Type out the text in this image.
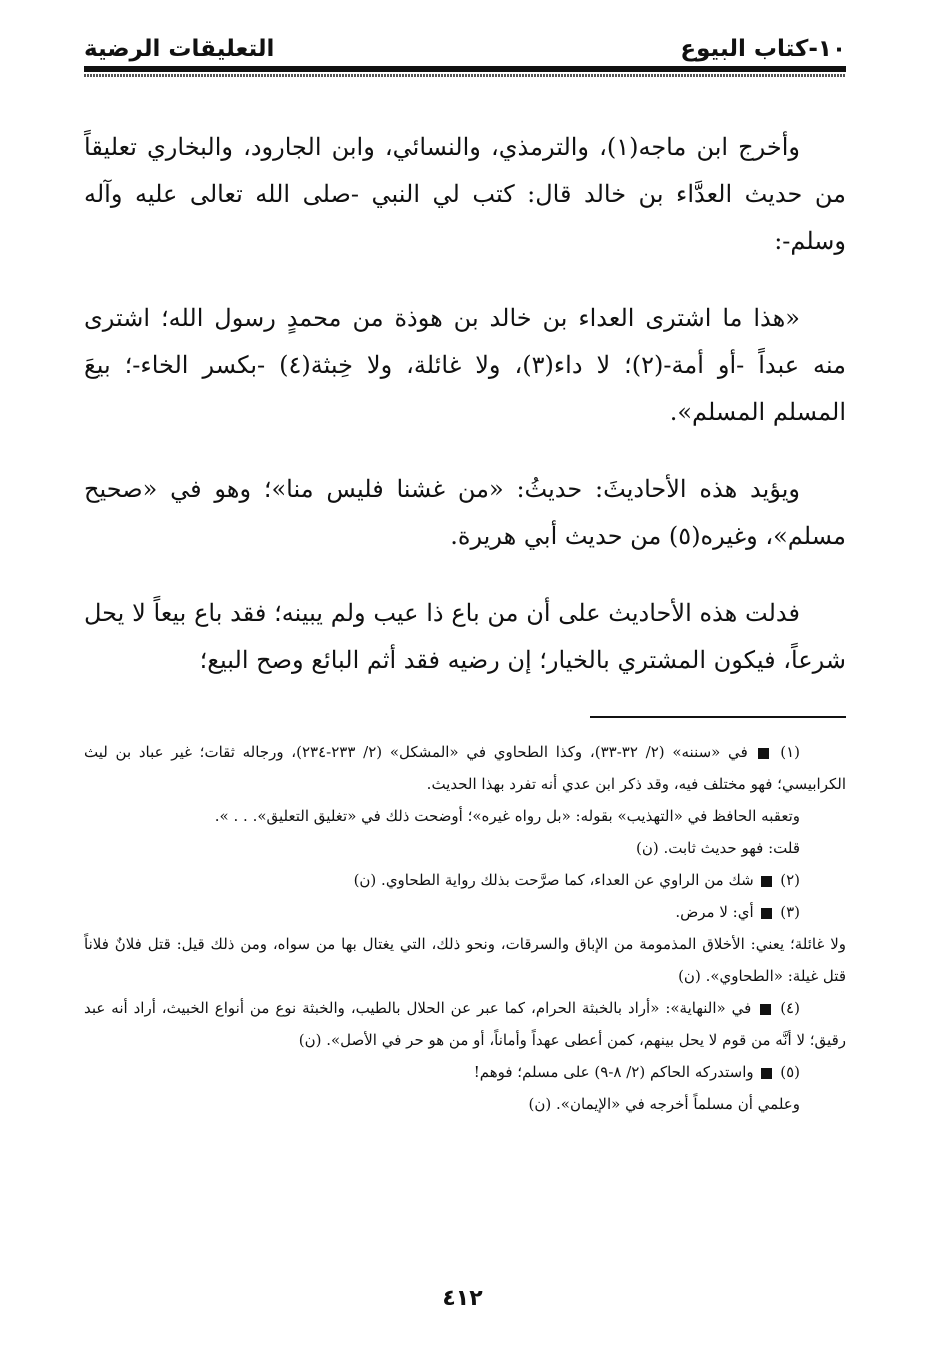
١٠-كتاب البيوع
التعليقات الرضية

وأخرج ابن ماجه(١)، والترمذي، والنسائي، وابن الجارود، والبخاري تعليقاً من حديث العدَّاء بن خالد قال: كتب لي النبي -صلى الله تعالى عليه وآله وسلم-:

«هذا ما اشترى العداء بن خالد بن هوذة من محمدٍ رسول الله؛ اشترى منه عبداً -أو أمة-(٢)؛ لا داء(٣)، ولا غائلة، ولا خِبثة(٤) -بكسر الخاء-؛ بيعَ المسلم المسلم».

ويؤيد هذه الأحاديثَ: حديثُ: «من غشنا فليس منا»؛ وهو في «صحيح مسلم»، وغيره(٥) من حديث أبي هريرة.

فدلت هذه الأحاديث على أن من باع ذا عيب ولم يبينه؛ فقد باع بيعاً لا يحل شرعاً، فيكون المشتري بالخيار؛ إن رضيه فقد أثم البائع وصح البيع؛

(١)  في «سننه» (٢/ ٣٢-٣٣)، وكذا الطحاوي في «المشكل» (٢/ ٢٣٣-٢٣٤)، ورجاله ثقات؛ غير عباد بن ليث الكرابيسي؛ فهو مختلف فيه، وقد ذكر ابن عدي أنه تفرد بهذا الحديث.

وتعقبه الحافظ في «التهذيب» بقوله: «بل رواه غيره»؛ أوضحت ذلك في «تغليق التعليق». . . ».

قلت: فهو حديث ثابت. (ن)

(٢)  شك من الراوي عن العداء، كما صرَّحت بذلك رواية الطحاوي. (ن)

(٣)  أي: لا مرض.

ولا غائلة؛ يعني: الأخلاق المذمومة من الإباق والسرقات، ونحو ذلك، التي يغتال بها من سواه، ومن ذلك قيل: قتل فلانٌ فلاناً قتل غيلة: «الطحاوي». (ن)

(٤)  في «النهاية»: «أراد بالخبثة الحرام، كما عبر عن الحلال بالطيب، والخبثة نوع من أنواع الخبيث، أراد أنه عبد رقيق؛ لا أنَّه من قوم لا يحل بينهم، كمن أعطى عهداً وأماناً، أو من هو حر في الأصل». (ن)

(٥)  واستدركه الحاكم (٢/ ٨-٩) على مسلم؛ فوهم!

وعلمي أن مسلماً أخرجه في «الإيمان». (ن)

٤١٢
